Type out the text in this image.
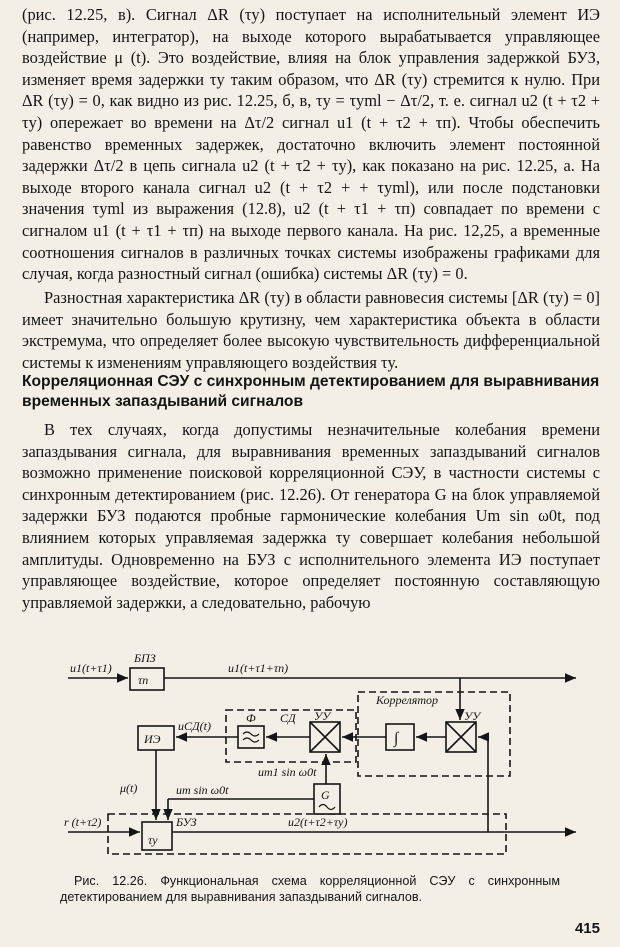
(рис. 12.25, в). Сигнал ΔR (τу) поступает на исполнительный элемент ИЭ (например, интегратор), на выходе которого вырабатывается управляющее воздействие μ (t). Это воздействие, влияя на блок управления задержкой БУЗ, изменяет время задержки τу таким образом, что ΔR (τу) стремится к нулю. При ΔR (τу) = 0, как видно из рис. 12.25, б, в, τу = τуml − Δτ/2, т. е. сигнал u2 (t + τ2 + τу) опережает во времени на Δτ/2 сигнал u1 (t + τ2 + τп). Чтобы обеспечить равенство временных задержек, достаточно включить элемент постоянной задержки Δτ/2 в цепь сигнала u2 (t + τ2 + τу), как показано на рис. 12.25, а. На выходе второго канала сигнал u2 (t + τ2 + + τуml), или после подстановки значения τуml из выражения (12.8), u2 (t + τ1 + τп) совпадает по времени с сигналом u1 (t + τ1 + τп) на выходе первого канала. На рис. 12,25, а временные соотношения сигналов в различных точках системы изображены графиками для случая, когда разностный сигнал (ошибка) системы ΔR (τу) = 0.

Разностная характеристика ΔR (τу) в области равновесия системы [ΔR (τу) = 0] имеет значительно большую крутизну, чем характеристика объекта в области экстремума, что определяет более высокую чувствительность дифференциальной системы к изменениям управляющего воздействия τу.

Корреляционная СЭУ с синхронным детектированием для выравнивания временных запаздываний сигналов

В тех случаях, когда допустимы незначительные колебания времени запаздывания сигнала, для выравнивания временных запаздываний сигналов возможно применение поисковой корреляционной СЭУ, в частности системы с синхронным детектированием (рис. 12.26). От генератора G на блок управляемой задержки БУЗ подаются пробные гармонические колебания Um sin ω0t, под влиянием которых управляемая задержка τу совершает колебания небольшой амплитуды. Одновременно на БУЗ с исполнительного элемента ИЭ поступает управляющее воздействие, которое определяет постоянную составляющую управляемой задержки, а следовательно, рабочую

u1(t+τ1)
БПЗ
τп
u1(t+τ1+τп)
Коррелятор
Ф СД УУ	УУ
ИЭ
uСД(t)
∫
um1 sin ω0t
um sin ω0t
μ(t)	G
r (t+τ2)	БУЗ
τу
u2(t+τ2+τу)

Рис. 12.26. Функциональная схема корреляционной СЭУ с синхронным детектированием для выравнивания запаздываний сигналов.

415
